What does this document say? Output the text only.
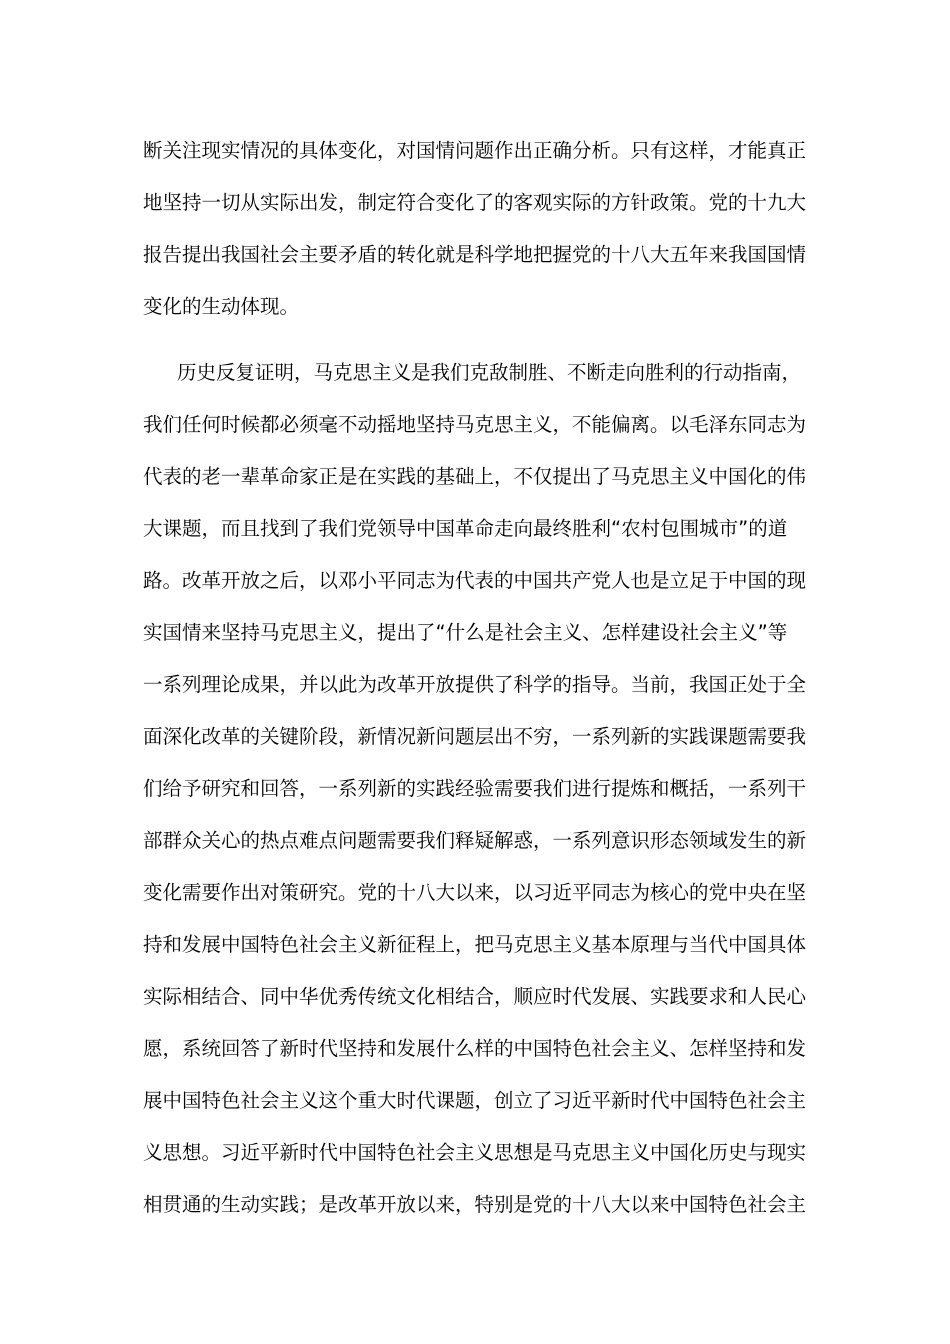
断关注现实情况的具体变化，对国情问题作出正确分析。只有这样，才能真正
地坚持一切从实际出发，制定符合变化了的客观实际的方针政策。党的十九大
报告提出我国社会主要矛盾的转化就是科学地把握党的十八大五年来我国国情
变化的生动体现。
历史反复证明，马克思主义是我们克敌制胜、不断走向胜利的行动指南，
我们任何时候都必须毫不动摇地坚持马克思主义，不能偏离。以毛泽东同志为
代表的老一辈革命家正是在实践的基础上，不仅提出了马克思主义中国化的伟
大课题，而且找到了我们党领导中国革命走向最终胜利“农村包围城市”的道
路。改革开放之后，以邓小平同志为代表的中国共产党人也是立足于中国的现
实国情来坚持马克思主义，提出了“什么是社会主义、怎样建设社会主义”等
一系列理论成果，并以此为改革开放提供了科学的指导。当前，我国正处于全
面深化改革的关键阶段，新情况新问题层出不穷，一系列新的实践课题需要我
们给予研究和回答，一系列新的实践经验需要我们进行提炼和概括，一系列干
部群众关心的热点难点问题需要我们释疑解惑，一系列意识形态领域发生的新
变化需要作出对策研究。党的十八大以来，以习近平同志为核心的党中央在坚
持和发展中国特色社会主义新征程上，把马克思主义基本原理与当代中国具体
实际相结合、同中华优秀传统文化相结合，顺应时代发展、实践要求和人民心
愿，系统回答了新时代坚持和发展什么样的中国特色社会主义、怎样坚持和发
展中国特色社会主义这个重大时代课题，创立了习近平新时代中国特色社会主
义思想。习近平新时代中国特色社会主义思想是马克思主义中国化历史与现实
相贯通的生动实践；是改革开放以来，特别是党的十八大以来中国特色社会主
